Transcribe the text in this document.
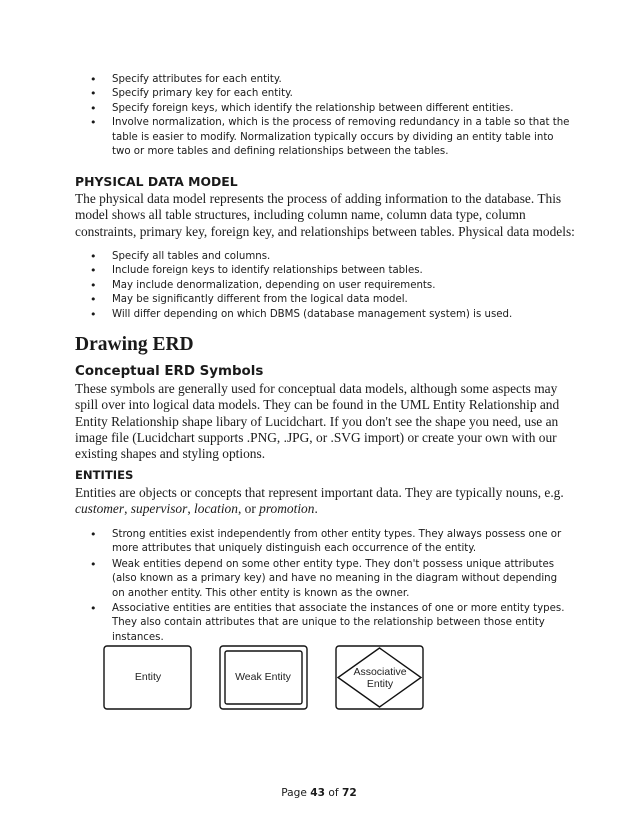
• Specify attributes for each entity.
• Specify primary key for each entity.
• Specify foreign keys, which identify the relationship between different entities.
• Involve normalization, which is the process of removing redundancy in a table so that the table is easier to modify. Normalization typically occurs by dividing an entity table into two or more tables and defining relationships between the tables.
PHYSICAL DATA MODEL

The physical data model represents the process of adding information to the database. This model shows all table structures, including column name, column data type, column constraints, primary key, foreign key, and relationships between tables. Physical data models:

• Specify all tables and columns.
• Include foreign keys to identify relationships between tables.
• May include denormalization, depending on user requirements.
• May be significantly different from the logical data model.
• Will differ depending on which DBMS (database management system) is used.
Drawing ERD
Conceptual ERD Symbols

These symbols are generally used for conceptual data models, although some aspects may spill over into logical data models. They can be found in the UML Entity Relationship and Entity Relationship shape libary of Lucidchart. If you don't see the shape you need, use an image file (Lucidchart supports .PNG, .JPG, or .SVG import) or create your own with our existing shapes and styling options.

ENTITIES

Entities are objects or concepts that represent important data. They are typically nouns, e.g.
customer, supervisor, location, or promotion.

• Strong entities exist independently from other entity types. They always possess one or more attributes that uniquely distinguish each occurrence of the entity.
• Weak entities depend on some other entity type. They don't possess unique attributes (also known as a primary key) and have no meaning in the diagram without depending on another entity. This other entity is known as the owner.
• Associative entities are entities that associate the instances of one or more entity types. They also contain attributes that are unique to the relationship between those entity instances.
Entity	Weak Entity	Associative
Entity
Page 43 of 72
